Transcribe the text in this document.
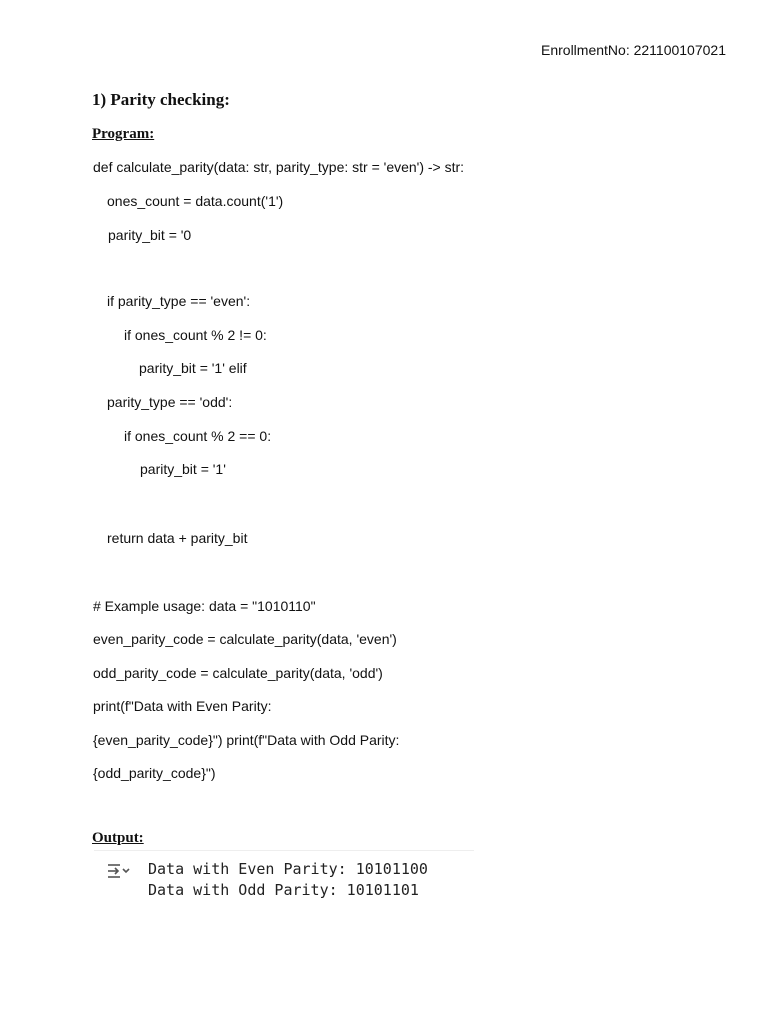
EnrollmentNo: 221100107021
1) Parity checking:
Program:
def calculate_parity(data: str, parity_type: str = 'even') -> str:
ones_count = data.count('1')
parity_bit = '0
if parity_type == 'even':
if ones_count % 2 != 0:
parity_bit = '1' elif
parity_type == 'odd':
if ones_count % 2 == 0:
parity_bit = '1'
return data + parity_bit
# Example usage: data = "1010110"
even_parity_code = calculate_parity(data, 'even')
odd_parity_code = calculate_parity(data, 'odd')
print(f"Data with Even Parity:
{even_parity_code}") print(f"Data with Odd Parity:
{odd_parity_code}")
Output:
Data with Even Parity: 10101100
Data with Odd Parity: 10101101
